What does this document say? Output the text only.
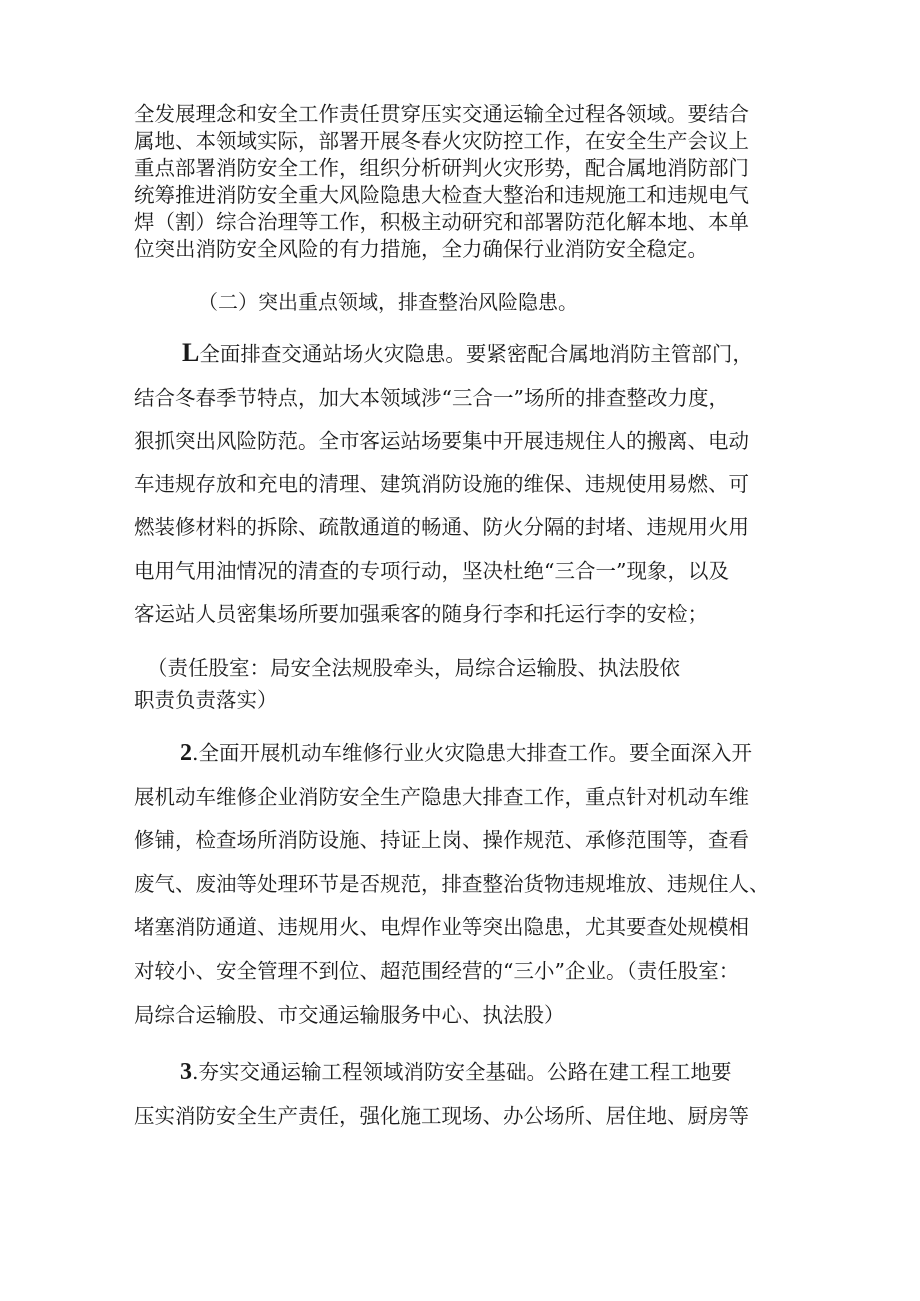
全发展理念和安全工作责任贯穿压实交通运输全过程各领域。要结合
属地、本领域实际，部署开展冬春火灾防控工作，在安全生产会议上
重点部署消防安全工作，组织分析研判火灾形势，配合属地消防部门
统筹推进消防安全重大风险隐患大检查大整治和违规施工和违规电气
焊（割）综合治理等工作，积极主动研究和部署防范化解本地、本单
位突出消防安全风险的有力措施，全力确保行业消防安全稳定。
（二）突出重点领域，排查整治风险隐患。
L全面排查交通站场火灾隐患。要紧密配合属地消防主管部门，
结合冬春季节特点，加大本领域涉“三合一”场所的排查整改力度，
狠抓突出风险防范。全市客运站场要集中开展违规住人的搬离、电动
车违规存放和充电的清理、建筑消防设施的维保、违规使用易燃、可
燃装修材料的拆除、疏散通道的畅通、防火分隔的封堵、违规用火用
电用气用油情况的清查的专项行动，坚决杜绝“三合一”现象，以及
客运站人员密集场所要加强乘客的随身行李和托运行李的安检；
（责任股室：局安全法规股牵头，局综合运输股、执法股依
职责负责落实）
2.全面开展机动车维修行业火灾隐患大排查工作。要全面深入开
展机动车维修企业消防安全生产隐患大排查工作，重点针对机动车维
修铺，检查场所消防设施、持证上岗、操作规范、承修范围等，查看
废气、废油等处理环节是否规范，排查整治货物违规堆放、违规住人、
堵塞消防通道、违规用火、电焊作业等突出隐患，尤其要查处规模相
对较小、安全管理不到位、超范围经营的“三小”企业。（责任股室：
局综合运输股、市交通运输服务中心、执法股）
3.夯实交通运输工程领域消防安全基础。公路在建工程工地要
压实消防安全生产责任，强化施工现场、办公场所、居住地、厨房等
